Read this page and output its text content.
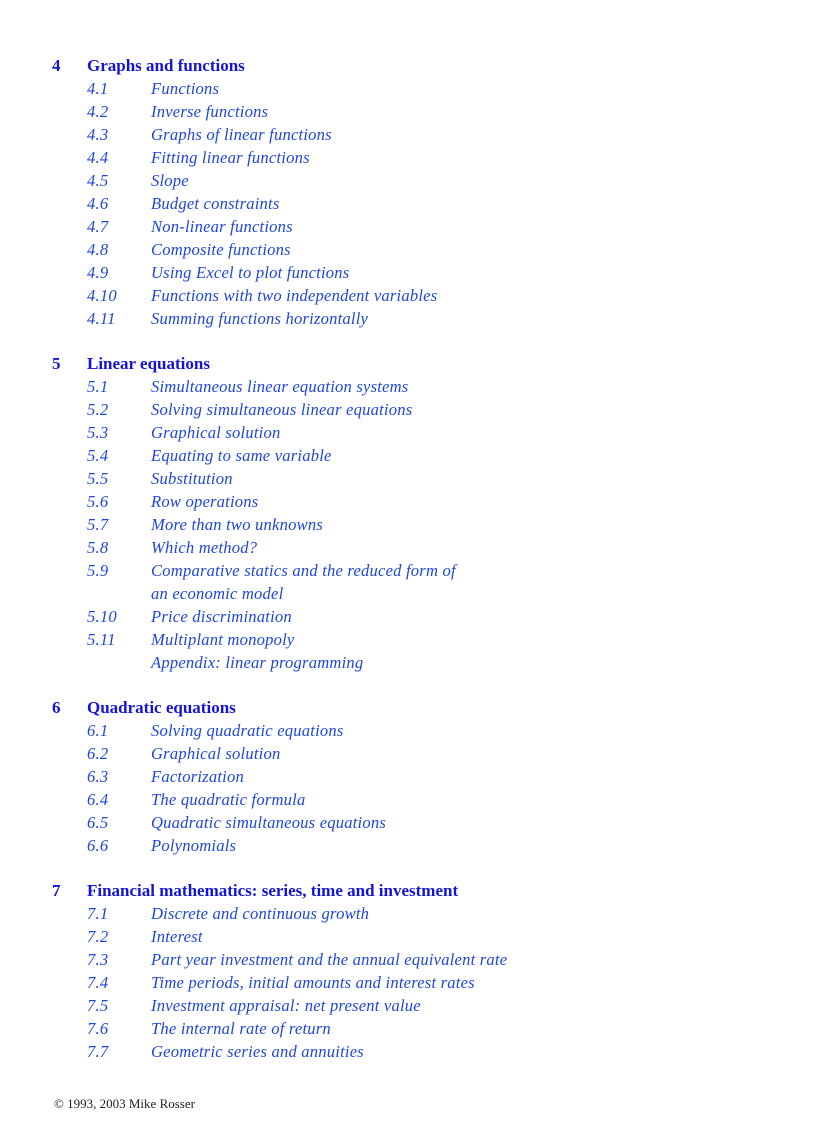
4 Graphs and functions
4.1	Functions
4.2	Inverse functions
4.3	Graphs of linear functions
4.4	Fitting linear functions
4.5	Slope
4.6	Budget constraints
4.7	Non-linear functions
4.8	Composite functions
4.9	Using Excel to plot functions
4.10 Functions with two independent variables
4.11 Summing functions horizontally
5 Linear equations
5.1	Simultaneous linear equation systems
5.2	Solving simultaneous linear equations
5.3	Graphical solution
5.4	Equating to same variable
5.5	Substitution
5.6	Row operations
5.7	More than two unknowns
5.8	Which method?
5.9	Comparative statics and the reduced form of
an economic model
5.10 Price discrimination
5.11 Multiplant monopoly
Appendix: linear programming
6 Quadratic equations
6.1	Solving quadratic equations
6.2	Graphical solution
6.3	Factorization
6.4	The quadratic formula
6.5	Quadratic simultaneous equations
6.6	Polynomials
7 Financial mathematics: series, time and investment
7.1	Discrete and continuous growth
7.2	Interest
7.3	Part year investment and the annual equivalent rate
7.4	Time periods, initial amounts and interest rates
7.5	Investment appraisal: net present value
7.6	The internal rate of return
7.7	Geometric series and annuities
© 1993, 2003 Mike Rosser
